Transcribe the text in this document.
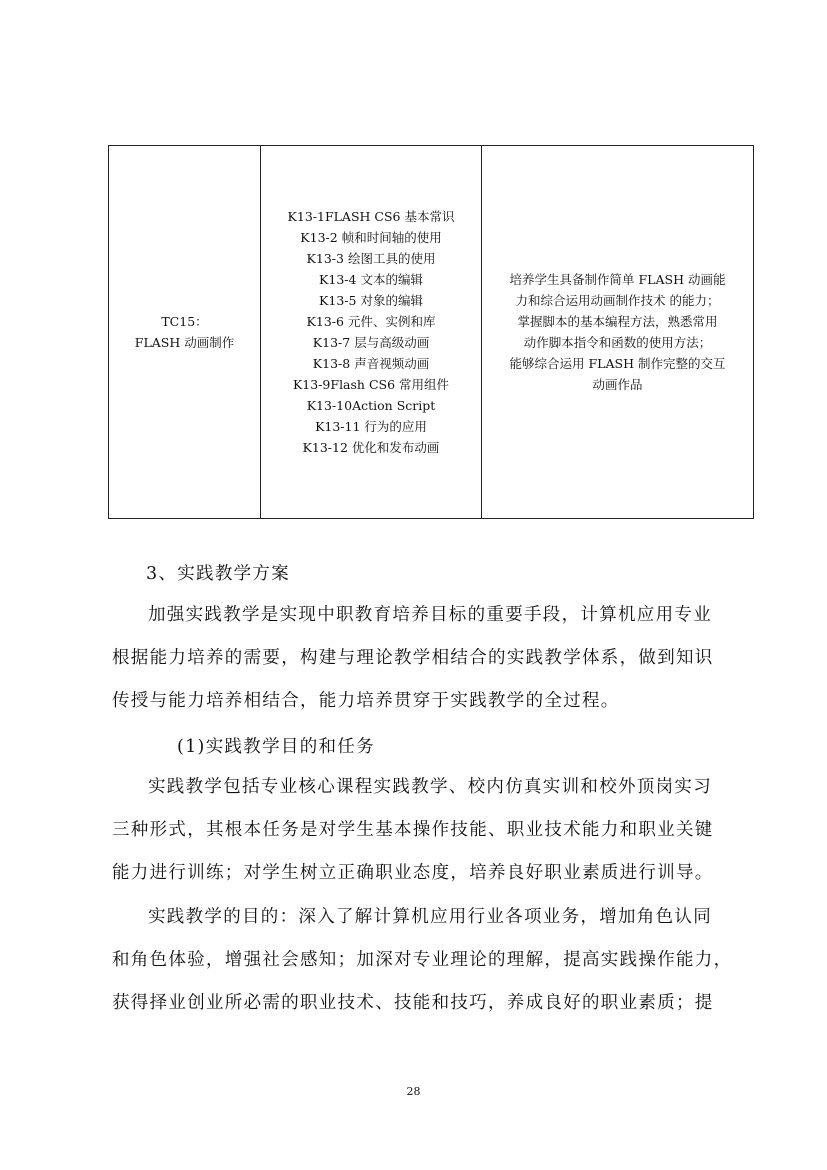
TC15：
FLASH 动画制作

K13-1FLASH CS6 基本常识
K13-2 帧和时间轴的使用
K13-3 绘图工具的使用
K13-4 文本的编辑
K13-5 对象的编辑
K13-6 元件、实例和库
K13-7 层与高级动画
K13-8 声音视频动画
K13-9Flash CS6 常用组件
K13-10Action Script
K13-11 行为的应用
K13-12 优化和发布动画

培养学生具备制作简单 FLASH 动画能
力和综合运用动画制作技术 的能力；
掌握脚本的基本编程方法，熟悉常用
动作脚本指令和函数的使用方法；
能够综合运用 FLASH 制作完整的交互
动画作品
3、实践教学方案
加强实践教学是实现中职教育培养目标的重要手段，计算机应用专业
根据能力培养的需要，构建与理论教学相结合的实践教学体系，做到知识
传授与能力培养相结合，能力培养贯穿于实践教学的全过程。
(1)实践教学目的和任务
实践教学包括专业核心课程实践教学、校内仿真实训和校外顶岗实习
三种形式，其根本任务是对学生基本操作技能、职业技术能力和职业关键
能力进行训练；对学生树立正确职业态度，培养良好职业素质进行训导。
实践教学的目的：深入了解计算机应用行业各项业务，增加角色认同
和角色体验，增强社会感知；加深对专业理论的理解，提高实践操作能力，
获得择业创业所必需的职业技术、技能和技巧，养成良好的职业素质；提
28
